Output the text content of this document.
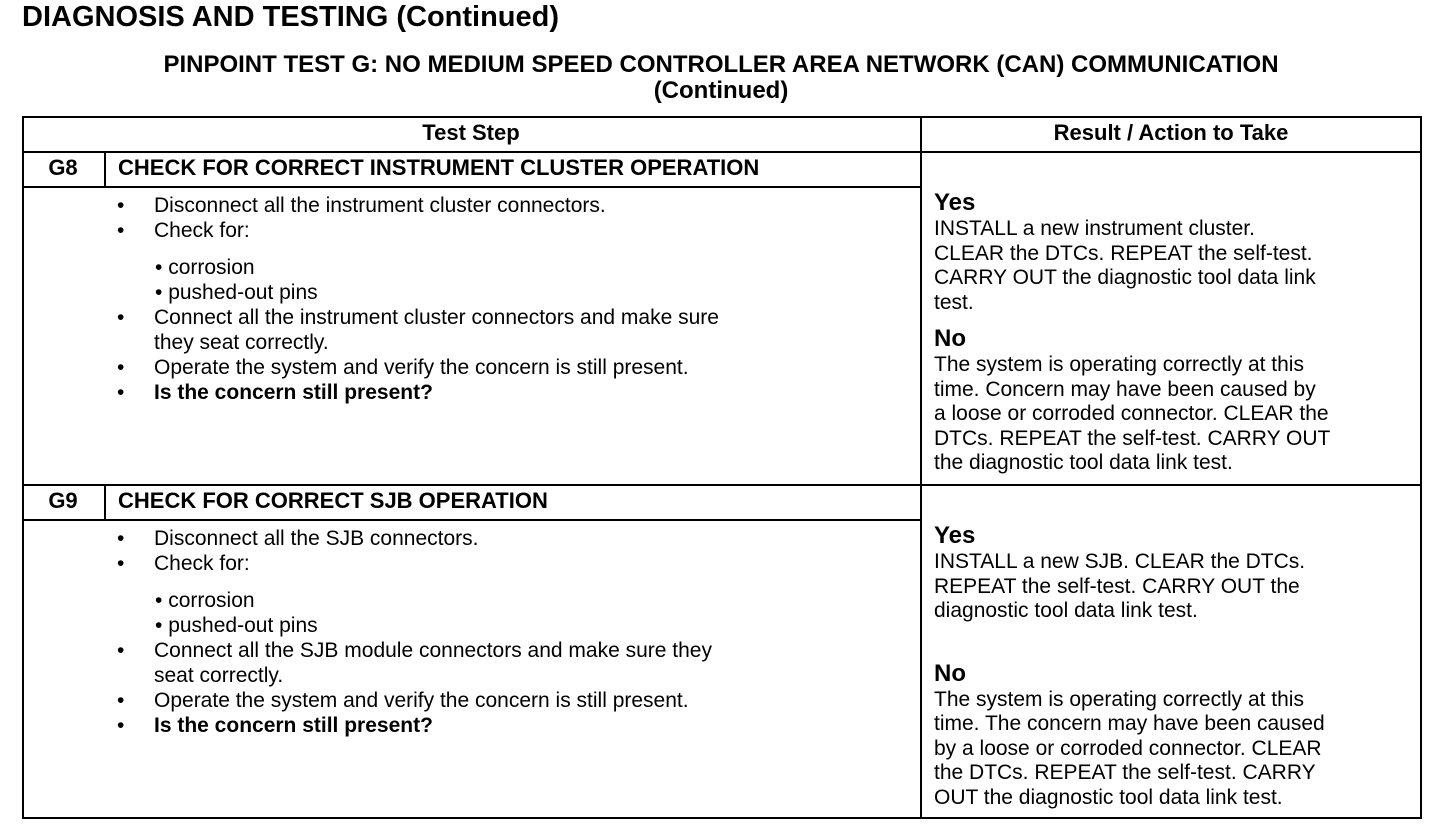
DIAGNOSIS AND TESTING (Continued)
PINPOINT TEST G: NO MEDIUM SPEED CONTROLLER AREA NETWORK (CAN) COMMUNICATION
(Continued)
Test Step	Result / Action to Take
G8	CHECK FOR CORRECT INSTRUMENT CLUSTER OPERATION
•	Disconnect all the instrument cluster connectors.
•	Check for:
• corrosion
• pushed-out pins
•	Connect all the instrument cluster connectors and make sure
they seat correctly.
•	Operate the system and verify the concern is still present.
•	Is the concern still present?
Yes
INSTALL a new instrument cluster.
CLEAR the DTCs. REPEAT the self-test.
CARRY OUT the diagnostic tool data link
test.
No
The system is operating correctly at this
time. Concern may have been caused by
a loose or corroded connector. CLEAR the
DTCs. REPEAT the self-test. CARRY OUT
the diagnostic tool data link test.
G9	CHECK FOR CORRECT SJB OPERATION
•	Disconnect all the SJB connectors.
•	Check for:
• corrosion
• pushed-out pins
•	Connect all the SJB module connectors and make sure they
seat correctly.
•	Operate the system and verify the concern is still present.
•	Is the concern still present?
Yes
INSTALL a new SJB. CLEAR the DTCs.
REPEAT the self-test. CARRY OUT the
diagnostic tool data link test.
No
The system is operating correctly at this
time. The concern may have been caused
by a loose or corroded connector. CLEAR
the DTCs. REPEAT the self-test. CARRY
OUT the diagnostic tool data link test.
